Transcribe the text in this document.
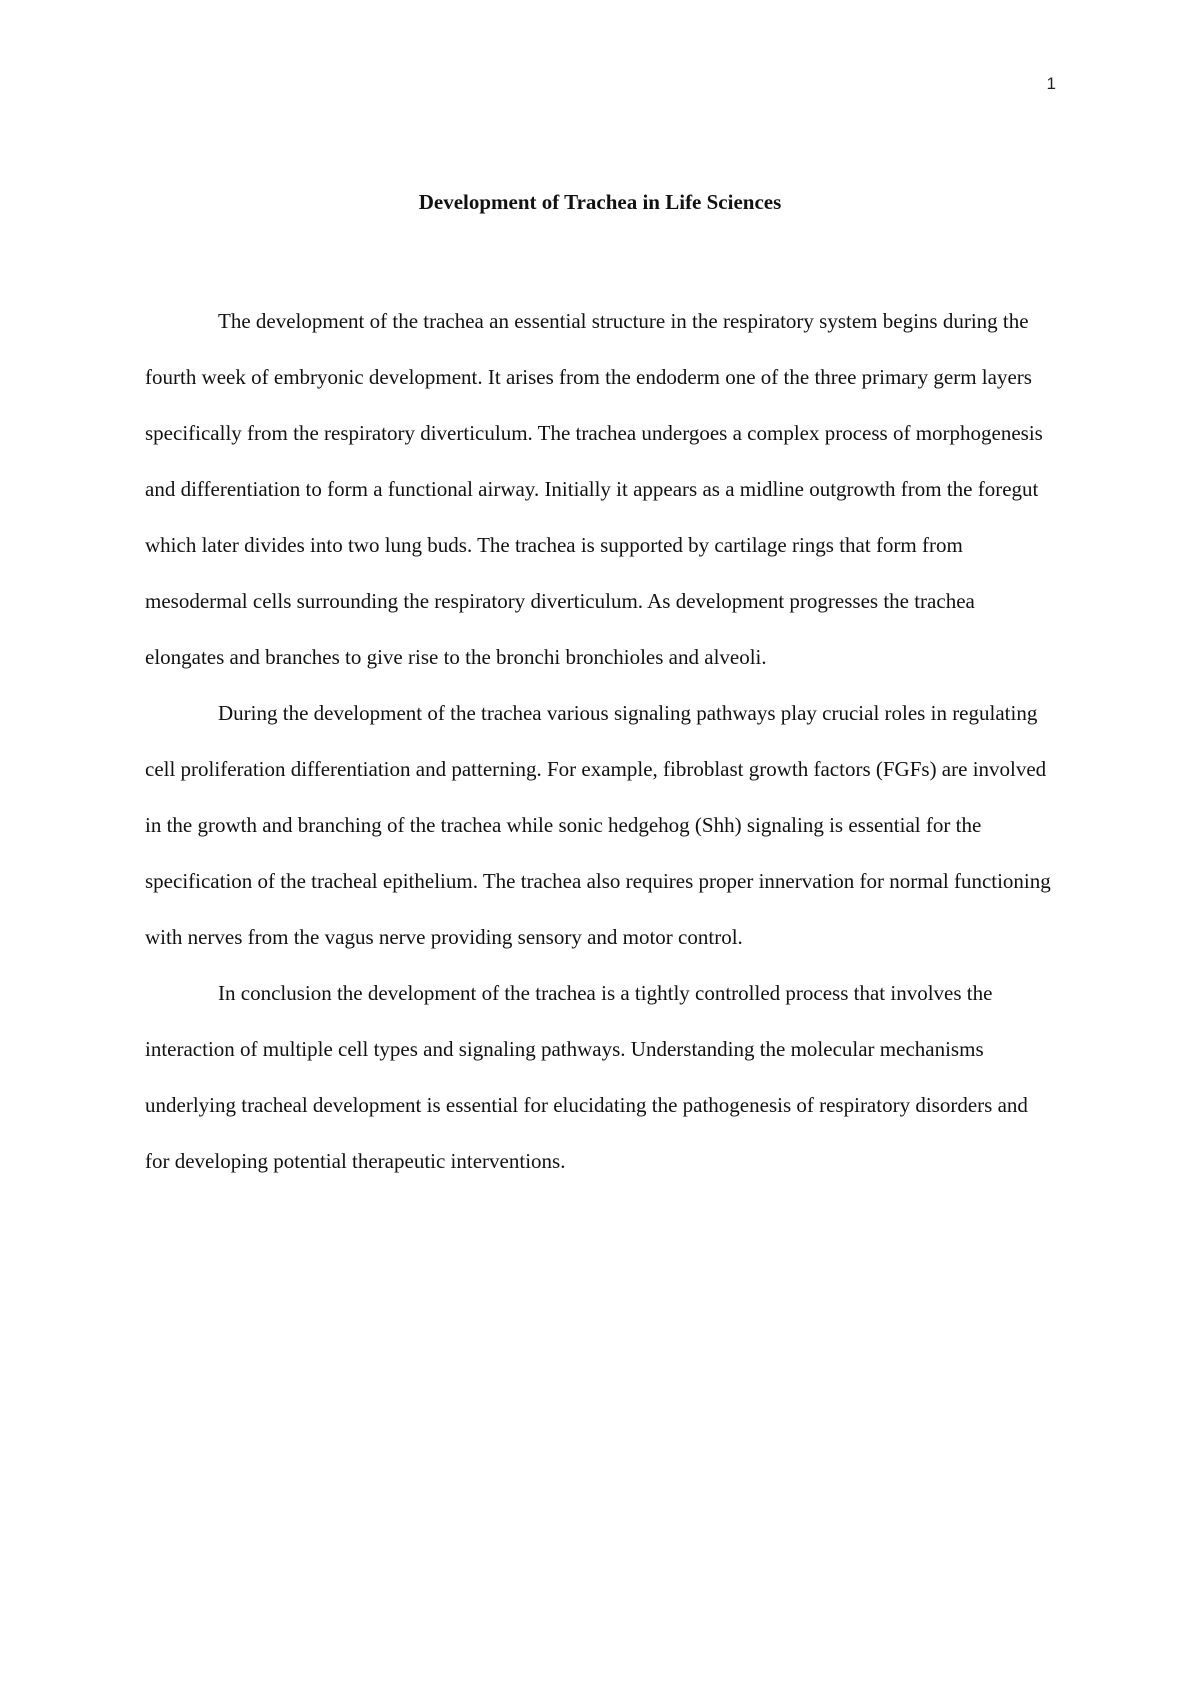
1
Development of Trachea in Life Sciences

The development of the trachea an essential structure in the respiratory system begins during the fourth week of embryonic development. It arises from the endoderm one of the three primary germ layers specifically from the respiratory diverticulum. The trachea undergoes a complex process of morphogenesis and differentiation to form a functional airway. Initially it appears as a midline outgrowth from the foregut which later divides into two lung buds. The trachea is supported by cartilage rings that form from mesodermal cells surrounding the respiratory diverticulum. As development progresses the trachea elongates and branches to give rise to the bronchi bronchioles and alveoli.

During the development of the trachea various signaling pathways play crucial roles in regulating cell proliferation differentiation and patterning. For example, fibroblast growth factors (FGFs) are involved in the growth and branching of the trachea while sonic hedgehog (Shh) signaling is essential for the specification of the tracheal epithelium. The trachea also requires proper innervation for normal functioning with nerves from the vagus nerve providing sensory and motor control.

In conclusion the development of the trachea is a tightly controlled process that involves the interaction of multiple cell types and signaling pathways. Understanding the molecular mechanisms underlying tracheal development is essential for elucidating the pathogenesis of respiratory disorders and for developing potential therapeutic interventions.
